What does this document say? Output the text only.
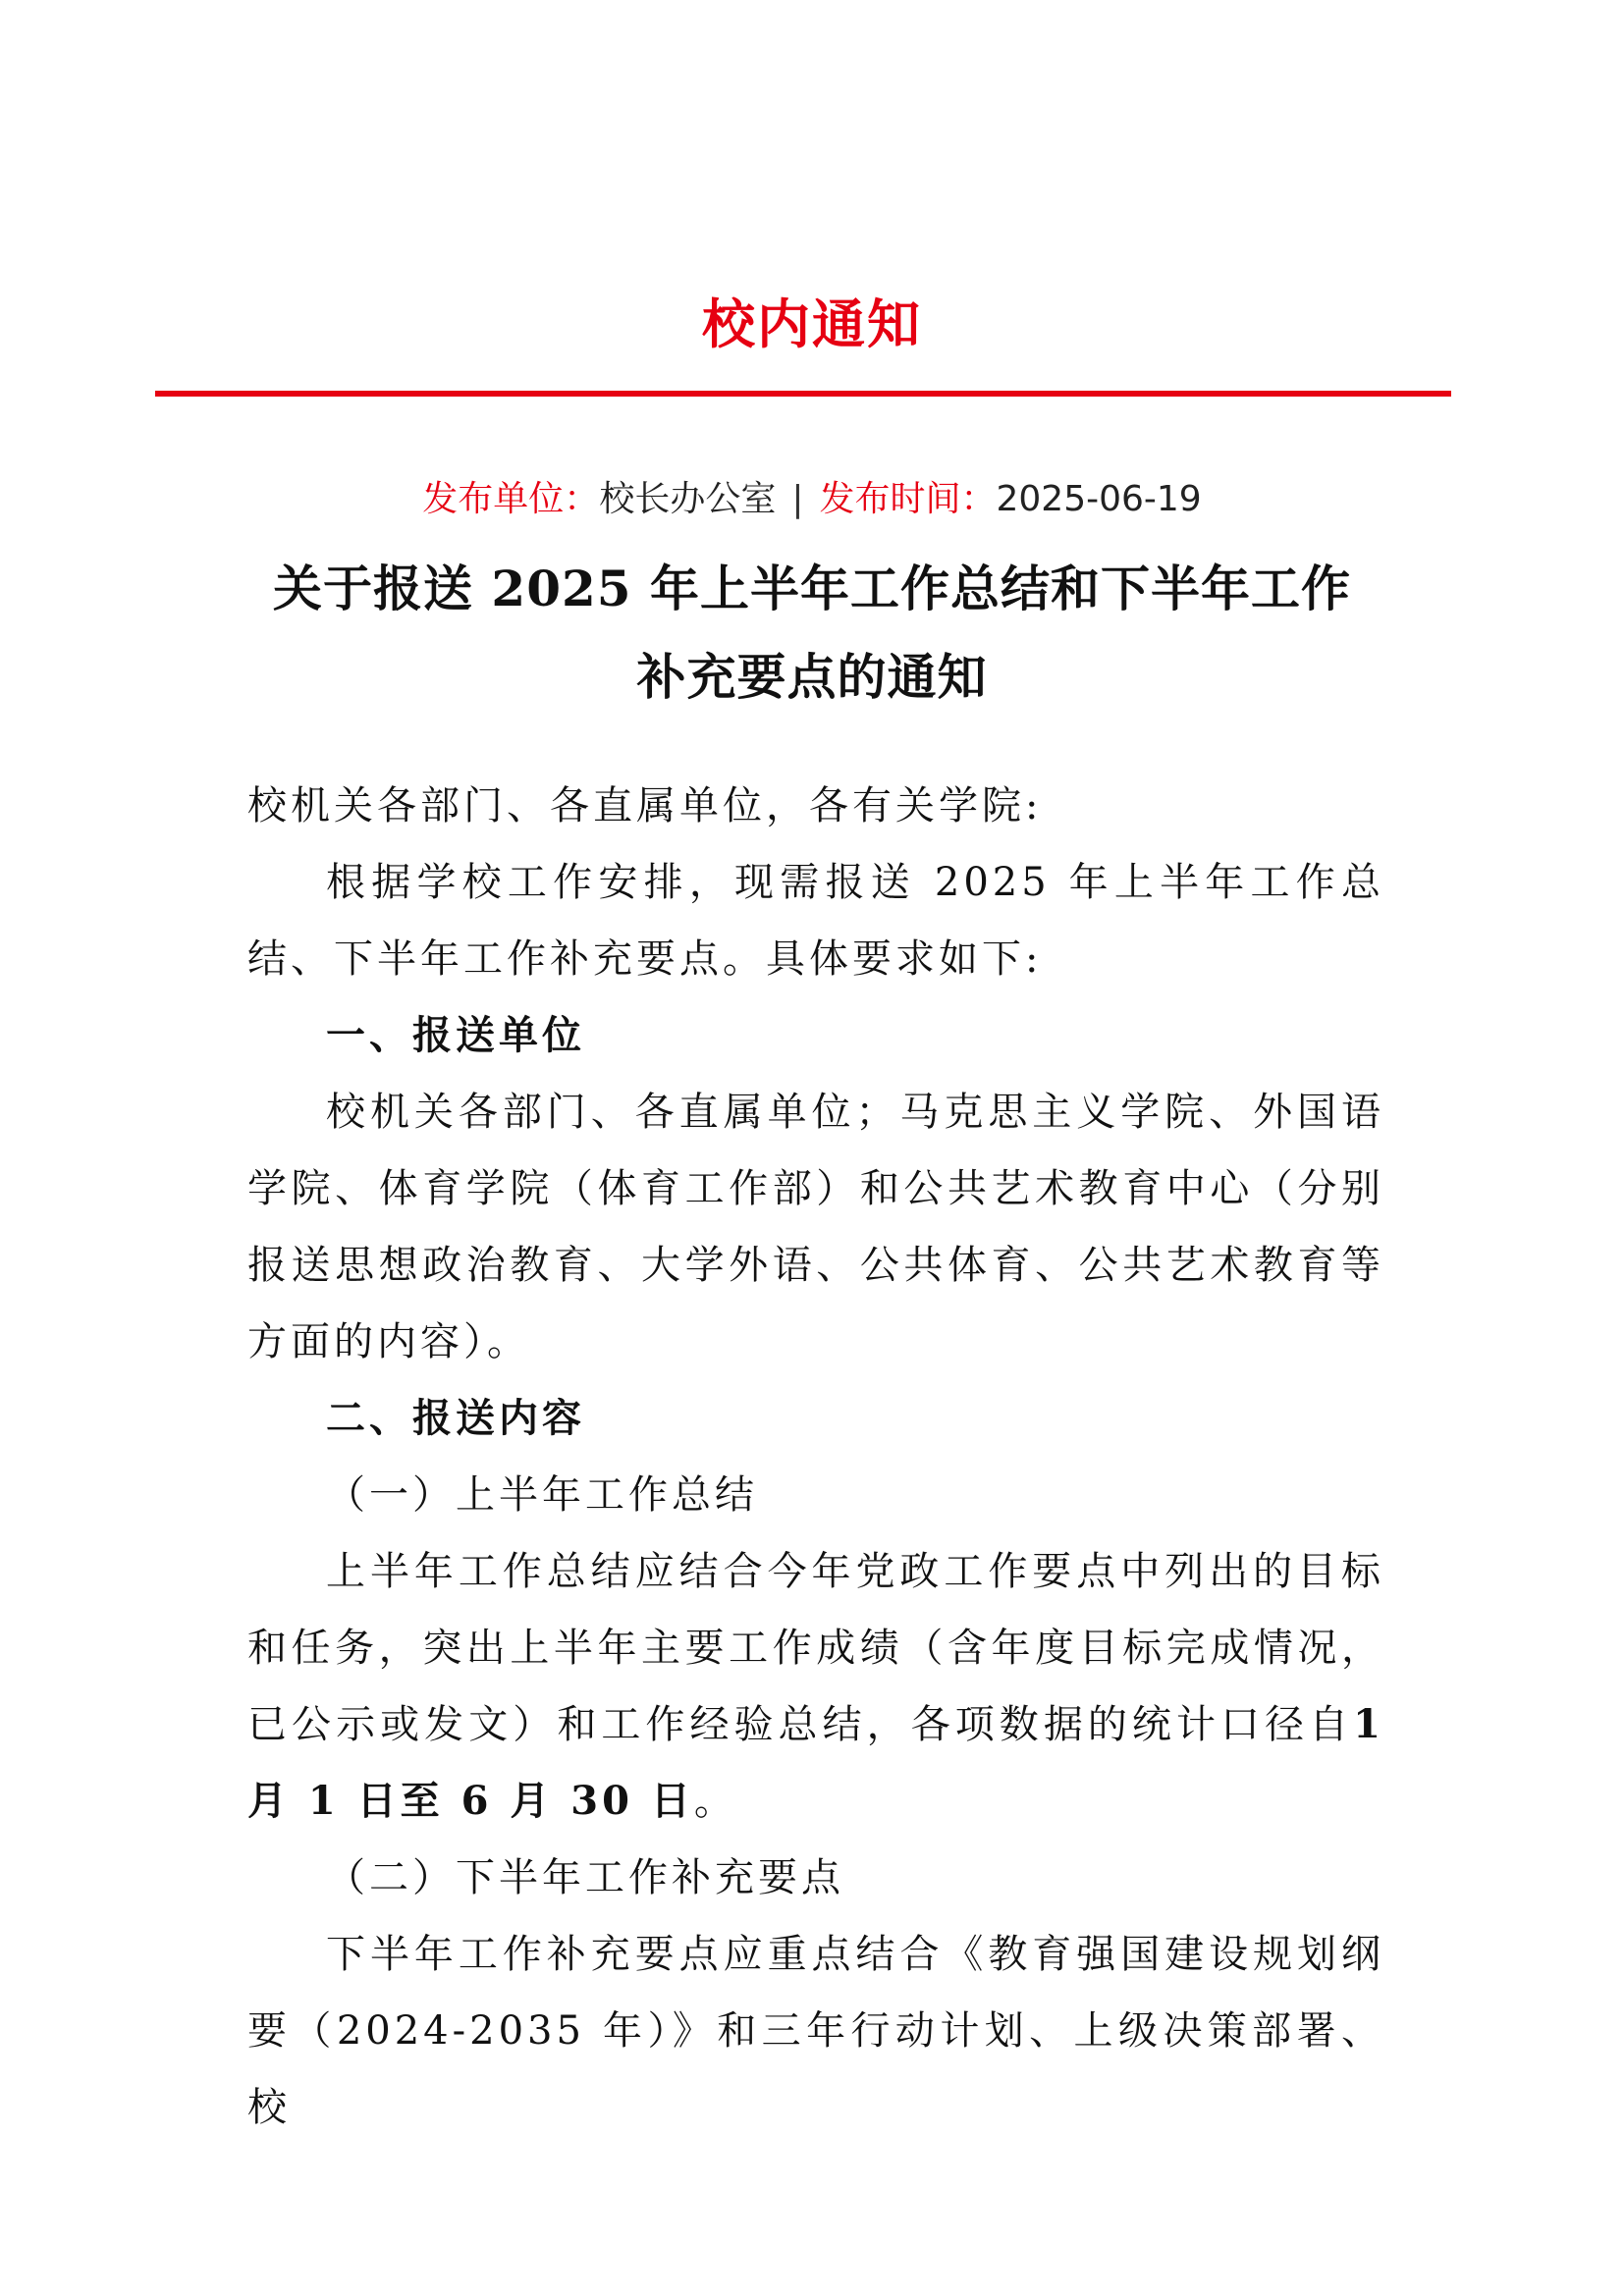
校内通知
发布单位：校长办公室 | 发布时间：2025-06-19
关于报送 2025 年上半年工作总结和下半年工作
补充要点的通知

校机关各部门、各直属单位，各有关学院:

根据学校工作安排，现需报送 2025 年上半年工作总结、下半年工作补充要点。具体要求如下:

一、报送单位

校机关各部门、各直属单位；马克思主义学院、外国语学院、体育学院（体育工作部）和公共艺术教育中心（分别报送思想政治教育、大学外语、公共体育、公共艺术教育等方面的内容）。

二、报送内容

（一）上半年工作总结

上半年工作总结应结合今年党政工作要点中列出的目标和任务，突出上半年主要工作成绩（含年度目标完成情况，已公示或发文）和工作经验总结，各项数据的统计口径自1 月 1 日至 6 月 30 日。

（二）下半年工作补充要点

下半年工作补充要点应重点结合《教育强国建设规划纲要（2024-2035 年）》和三年行动计划、上级决策部署、校
